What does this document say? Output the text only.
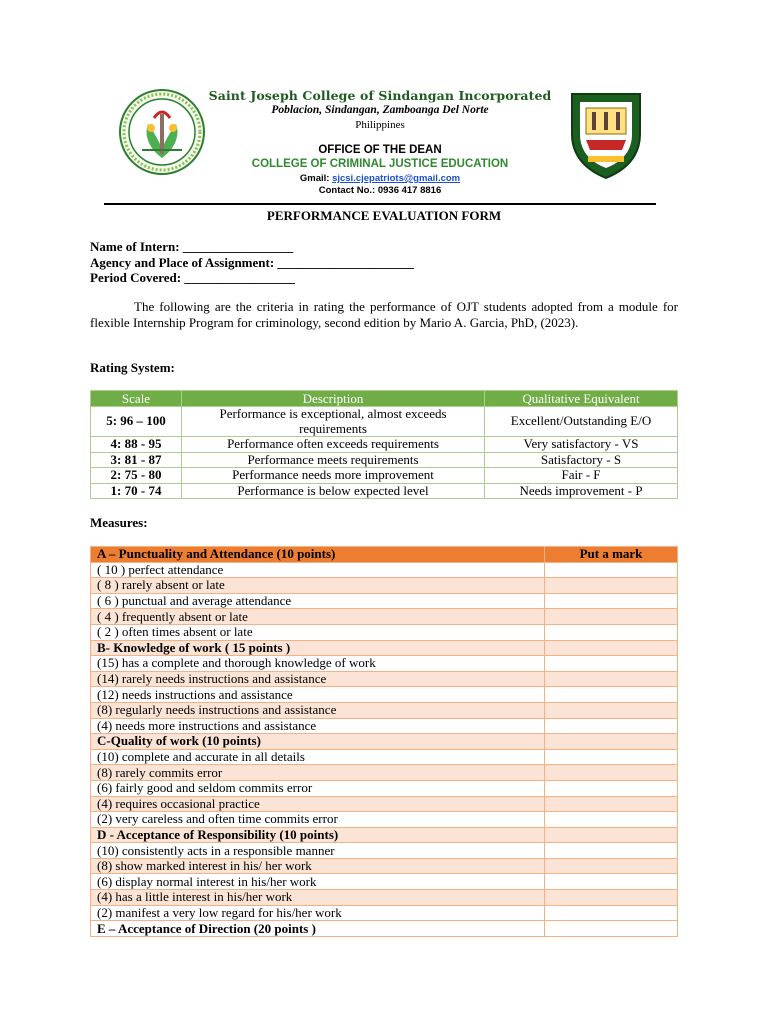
Saint Joseph College of Sindangan Incorporated
Poblacion, Sindangan, Zamboanga Del Norte
Philippines
OFFICE OF THE DEAN
COLLEGE OF CRIMINAL JUSTICE EDUCATION
Gmail: sjcsi.cjepatriots@gmail.com
Contact No.: 0936 417 8816
PERFORMANCE EVALUATION FORM
Name of Intern: _________________
Agency and Place of Assignment: _____________________
Period Covered: _________________
The following are the criteria in rating the performance of OJT students adopted from a module for flexible Internship Program for criminology, second edition by Mario A. Garcia, PhD, (2023).
Rating System:
Scale	Description	Qualitative Equivalent
5: 96 – 100	Performance is exceptional, almost exceeds requirements	Excellent/Outstanding E/O
4: 88 - 95	Performance often exceeds requirements	Very satisfactory - VS
3: 81 - 87	Performance meets requirements	Satisfactory - S
2: 75 - 80	Performance needs more improvement	Fair - F
1: 70 - 74	Performance is below expected level	Needs improvement - P
Measures:
A – Punctuality and Attendance (10 points)	Put a mark
( 10 ) perfect attendance	
( 8 ) rarely absent or late	
( 6 ) punctual and average attendance	
( 4 ) frequently absent or late	
( 2 ) often times absent or late	
B- Knowledge of work ( 15 points )	
(15) has a complete and thorough knowledge of work	
(14) rarely needs instructions and assistance	
(12) needs instructions and assistance	
(8) regularly needs instructions and assistance	
(4) needs more instructions and assistance	
C-Quality of work (10 points)	
(10) complete and accurate in all details	
(8) rarely commits error	
(6) fairly good and seldom commits error	
(4) requires occasional practice	
(2) very careless and often time commits error	
D - Acceptance of Responsibility (10 points)	
(10) consistently acts in a responsible manner	
(8) show marked interest in his/ her work	
(6) display normal interest in his/her work	
(4) has a little interest in his/her work	
(2) manifest a very low regard for his/her work	
E – Acceptance of Direction (20 points )	
